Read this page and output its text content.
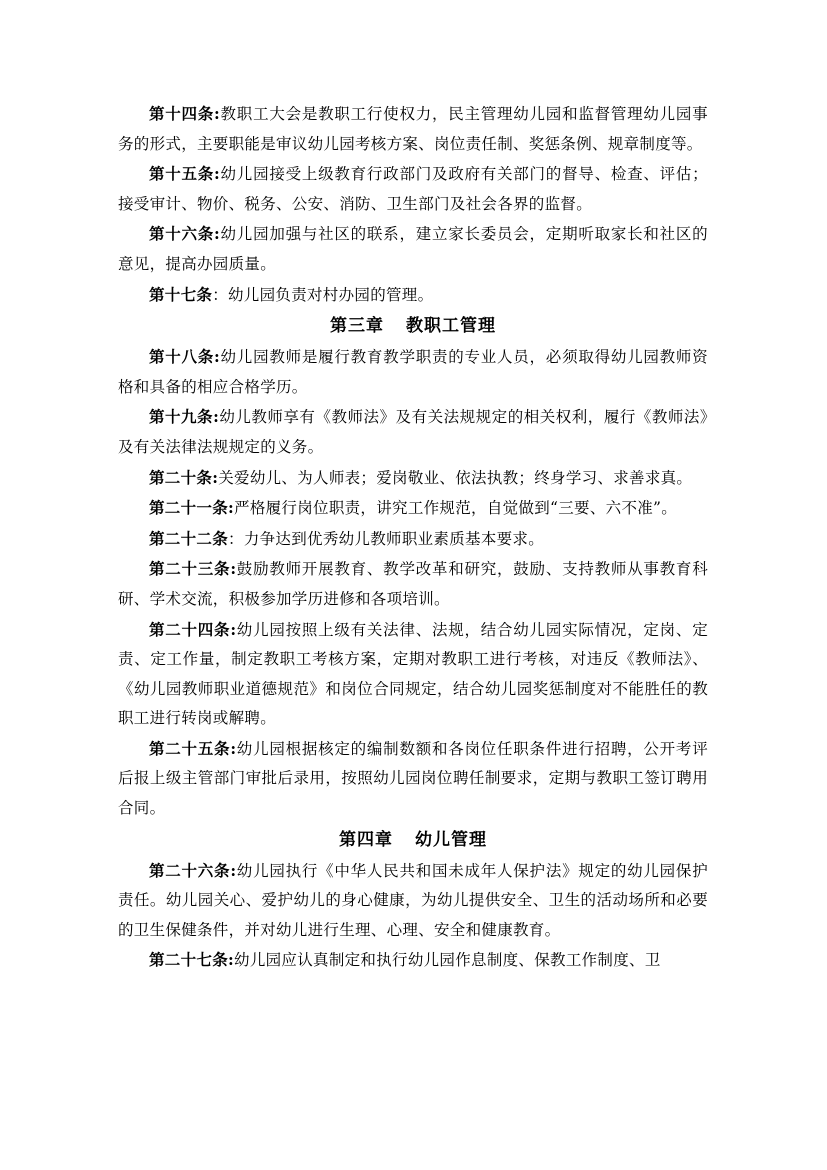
第十四条:教职工大会是教职工行使权力，民主管理幼儿园和监督管理幼儿园事务的形式，主要职能是审议幼儿园考核方案、岗位责任制、奖惩条例、规章制度等。

第十五条:幼儿园接受上级教育行政部门及政府有关部门的督导、检查、评估；接受审计、物价、税务、公安、消防、卫生部门及社会各界的监督。

第十六条:幼儿园加强与社区的联系，建立家长委员会，定期听取家长和社区的意见，提高办园质量。

第十七条：幼儿园负责对村办园的管理。

第三章 教职工管理

第十八条:幼儿园教师是履行教育教学职责的专业人员，必须取得幼儿园教师资格和具备的相应合格学历。

第十九条:幼儿教师享有《教师法》及有关法规规定的相关权利，履行《教师法》及有关法律法规规定的义务。

第二十条:关爱幼儿、为人师表；爱岗敬业、依法执教；终身学习、求善求真。

第二十一条:严格履行岗位职责，讲究工作规范，自觉做到“三要、六不准”。

第二十二条：力争达到优秀幼儿教师职业素质基本要求。

第二十三条:鼓励教师开展教育、教学改革和研究，鼓励、支持教师从事教育科研、学术交流，积极参加学历进修和各项培训。

第二十四条:幼儿园按照上级有关法律、法规，结合幼儿园实际情况，定岗、定责、定工作量，制定教职工考核方案，定期对教职工进行考核，对违反《教师法》、《幼儿园教师职业道德规范》和岗位合同规定，结合幼儿园奖惩制度对不能胜任的教职工进行转岗或解聘。

第二十五条:幼儿园根据核定的编制数额和各岗位任职条件进行招聘，公开考评后报上级主管部门审批后录用，按照幼儿园岗位聘任制要求，定期与教职工签订聘用合同。

第四章 幼儿管理

第二十六条:幼儿园执行《中华人民共和国未成年人保护法》规定的幼儿园保护责任。幼儿园关心、爱护幼儿的身心健康，为幼儿提供安全、卫生的活动场所和必要的卫生保健条件，并对幼儿进行生理、心理、安全和健康教育。

第二十七条:幼儿园应认真制定和执行幼儿园作息制度、保教工作制度、卫
